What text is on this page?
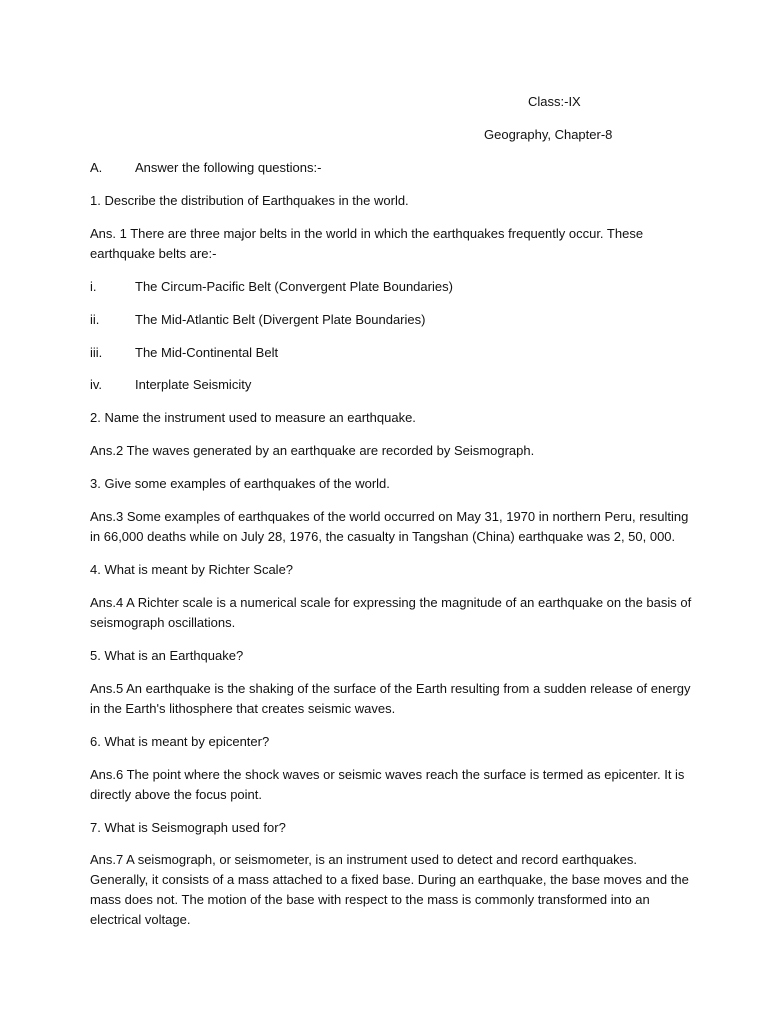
Class:-IX
Geography, Chapter-8
A.	Answer the following questions:-
1. Describe the distribution of Earthquakes in the world.
Ans. 1 There are three major belts in the world in which the earthquakes frequently occur. These
earthquake belts are:-
i.	The Circum-Pacific Belt (Convergent Plate Boundaries)
ii.	The Mid-Atlantic Belt (Divergent Plate Boundaries)
iii.	The Mid-Continental Belt
iv.	Interplate Seismicity
2. Name the instrument used to measure an earthquake.
Ans.2 The waves generated by an earthquake are recorded by Seismograph.
3. Give some examples of earthquakes of the world.
Ans.3 Some examples of earthquakes of the world occurred on May 31, 1970 in northern Peru, resulting
in 66,000 deaths while on July 28, 1976, the casualty in Tangshan (China) earthquake was 2, 50, 000.
4. What is meant by Richter Scale?
Ans.4 A Richter scale is a numerical scale for expressing the magnitude of an earthquake on the basis of
seismograph oscillations.
5. What is an Earthquake?
Ans.5 An earthquake is the shaking of the surface of the Earth resulting from a sudden release of energy
in the Earth's lithosphere that creates seismic waves.
6. What is meant by epicenter?
Ans.6 The point where the shock waves or seismic waves reach the surface is termed as epicenter. It is
directly above the focus point.
7. What is Seismograph used for?
Ans.7 A seismograph, or seismometer, is an instrument used to detect and record earthquakes.
Generally, it consists of a mass attached to a fixed base. During an earthquake, the base moves and the
mass does not. The motion of the base with respect to the mass is commonly transformed into an
electrical voltage.
